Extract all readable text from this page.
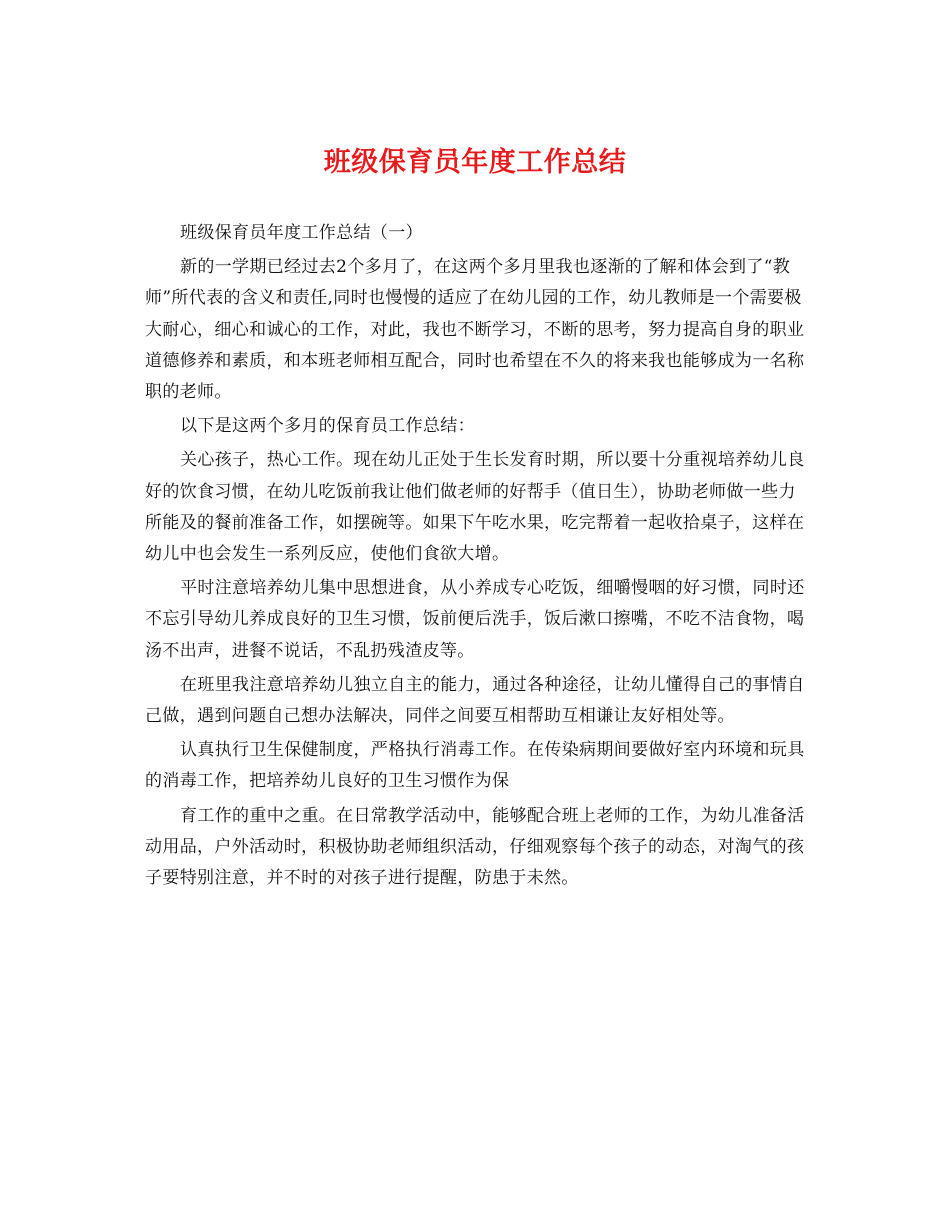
班级保育员年度工作总结

班级保育员年度工作总结（一）

新的一学期已经过去2个多月了，在这两个多月里我也逐渐的了解和体会到了“教师”所代表的含义和责任,同时也慢慢的适应了在幼儿园的工作，幼儿教师是一个需要极大耐心，细心和诚心的工作，对此，我也不断学习，不断的思考，努力提高自身的职业道德修养和素质，和本班老师相互配合，同时也希望在不久的将来我也能够成为一名称职的老师。

以下是这两个多月的保育员工作总结：

关心孩子，热心工作。现在幼儿正处于生长发育时期，所以要十分重视培养幼儿良好的饮食习惯，在幼儿吃饭前我让他们做老师的好帮手（值日生），协助老师做一些力所能及的餐前准备工作，如摆碗等。如果下午吃水果，吃完帮着一起收拾桌子，这样在幼儿中也会发生一系列反应，使他们食欲大增。

平时注意培养幼儿集中思想进食，从小养成专心吃饭，细嚼慢咽的好习惯，同时还不忘引导幼儿养成良好的卫生习惯，饭前便后洗手，饭后漱口擦嘴，不吃不洁食物，喝汤不出声，进餐不说话，不乱扔残渣皮等。

在班里我注意培养幼儿独立自主的能力，通过各种途径，让幼儿懂得自己的事情自己做，遇到问题自己想办法解决，同伴之间要互相帮助互相谦让友好相处等。

认真执行卫生保健制度，严格执行消毒工作。在传染病期间要做好室内环境和玩具的消毒工作，把培养幼儿良好的卫生习惯作为保

育工作的重中之重。在日常教学活动中，能够配合班上老师的工作，为幼儿准备活动用品，户外活动时，积极协助老师组织活动，仔细观察每个孩子的动态，对淘气的孩子要特别注意，并不时的对孩子进行提醒，防患于未然。
